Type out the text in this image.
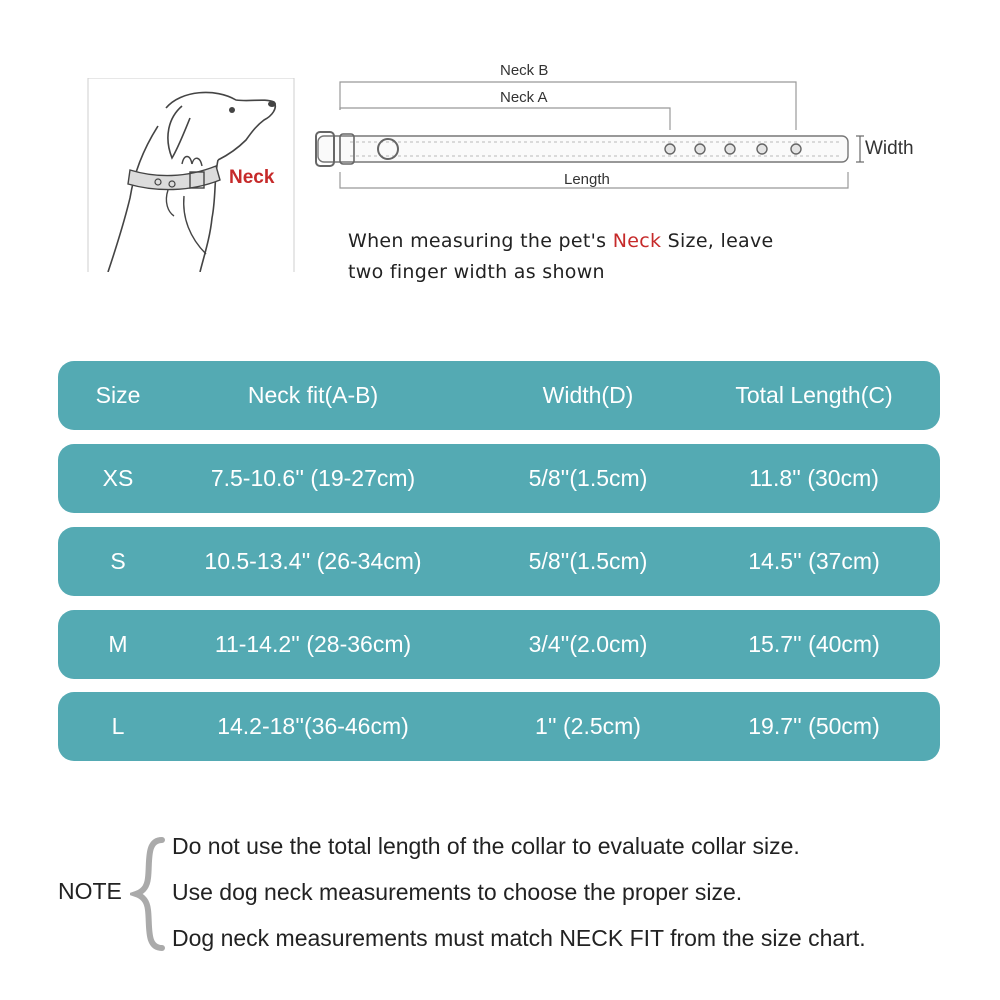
Neck
Neck B
Neck A
Length
Width
When measuring the pet's Neck Size, leave
two finger width as shown
Size	Neck fit(A-B)	Width(D)	Total Length(C)
XS	7.5-10.6'' (19-27cm)	5/8''(1.5cm)	11.8'' (30cm)
S	10.5-13.4'' (26-34cm)	5/8''(1.5cm)	14.5'' (37cm)
M	11-14.2'' (28-36cm)	3/4''(2.0cm)	15.7'' (40cm)
L	14.2-18''(36-46cm)	1'' (2.5cm)	19.7'' (50cm)
NOTE
Do not use the total length of the collar to evaluate collar size.
Use dog neck measurements to choose the proper size.
Dog neck measurements must match NECK FIT from the size chart.
